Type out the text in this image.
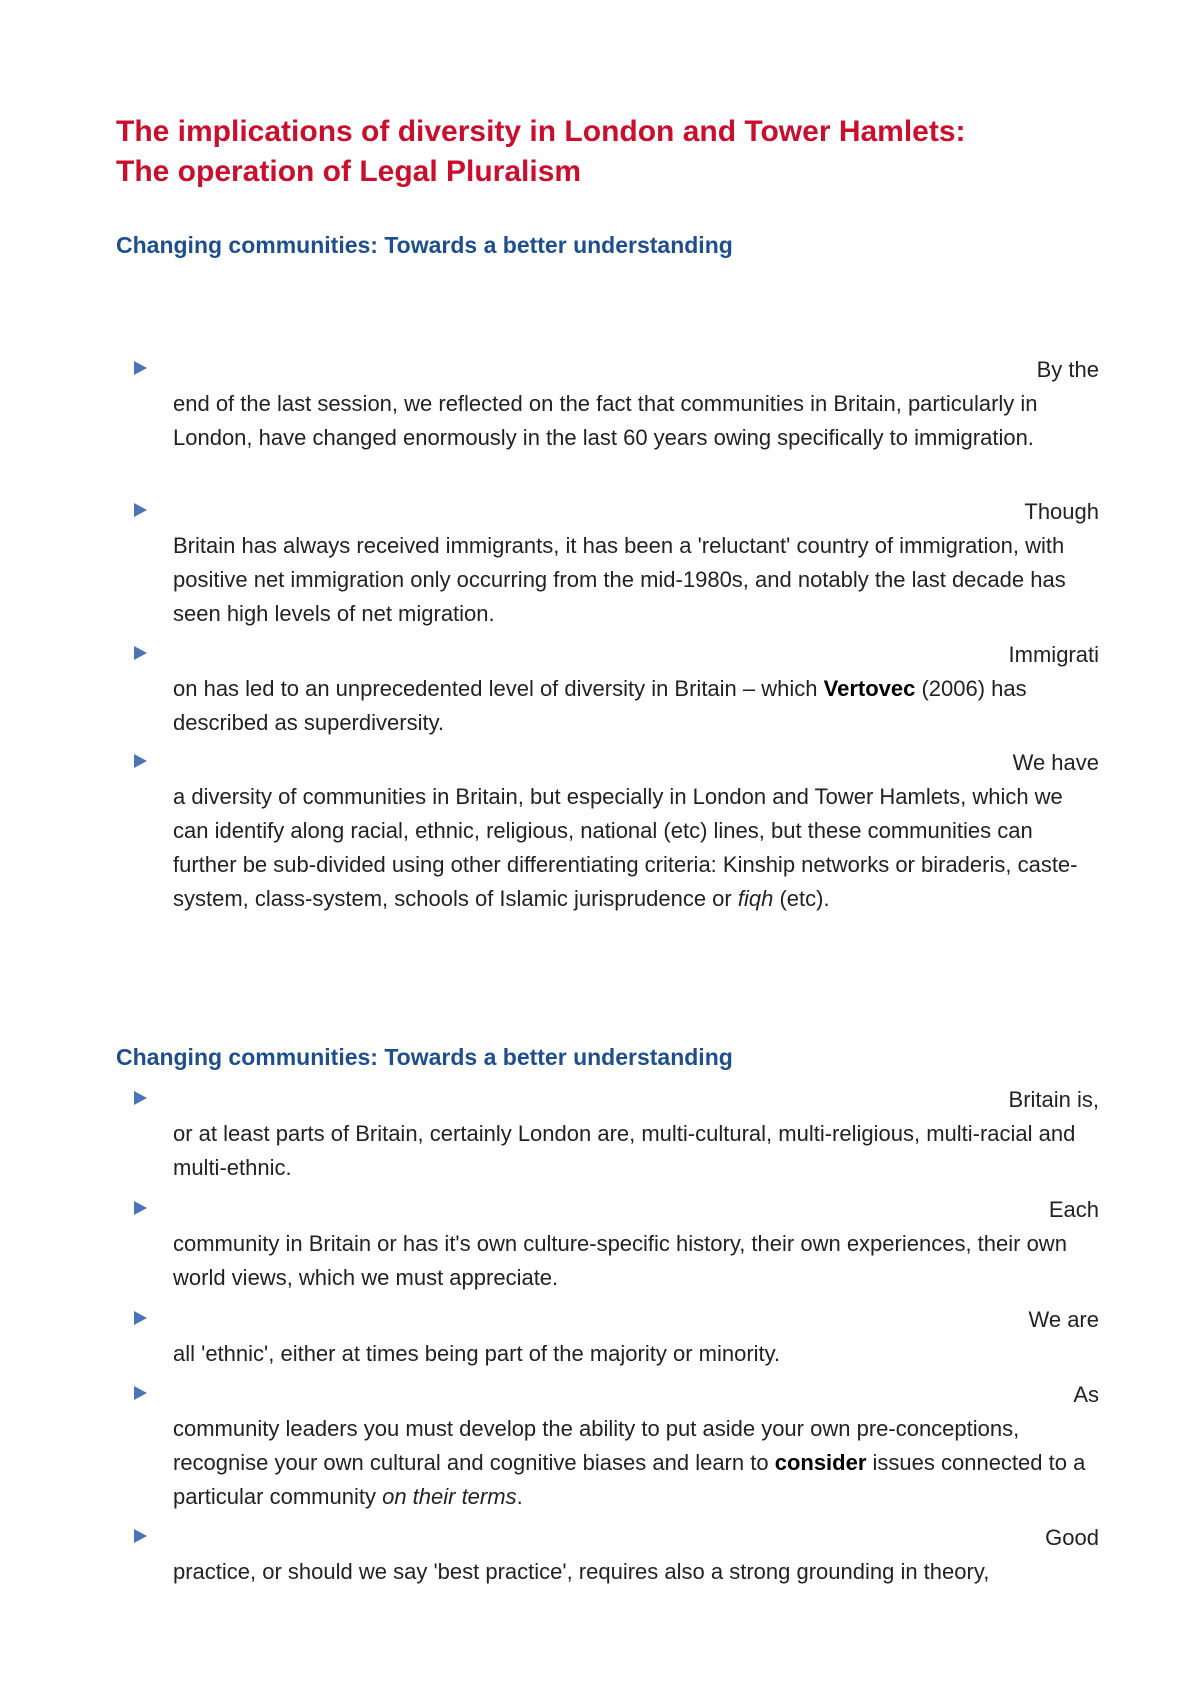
The implications of diversity in London and Tower Hamlets:
The operation of Legal Pluralism
Changing communities: Towards a better understanding

By the
end of the last session, we reflected on the fact that communities in Britain, particularly in London, have changed enormously in the last 60 years owing specifically to immigration.

Though
Britain has always received immigrants, it has been a 'reluctant' country of immigration, with positive net immigration only occurring from the mid-1980s, and notably the last decade has seen high levels of net migration.

Immigrati
on has led to an unprecedented level of diversity in Britain – which Vertovec (2006) has described as superdiversity.

We have
a diversity of communities in Britain, but especially in London and Tower Hamlets, which we can identify along racial, ethnic, religious, national (etc) lines, but these communities can further be sub-divided using other differentiating criteria: Kinship networks or biraderis, caste-system, class-system, schools of Islamic jurisprudence or fiqh (etc).

Changing communities: Towards a better understanding

Britain is,
or at least parts of Britain, certainly London are, multi-cultural, multi-religious, multi-racial and multi-ethnic.

Each
community in Britain or has it's own culture-specific history, their own experiences, their own world views, which we must appreciate.

We are
all 'ethnic', either at times being part of the majority or minority.

As
community leaders you must develop the ability to put aside your own pre-conceptions, recognise your own cultural and cognitive biases and learn to consider issues connected to a particular community on their terms.

Good
practice, or should we say 'best practice', requires also a strong grounding in theory,
